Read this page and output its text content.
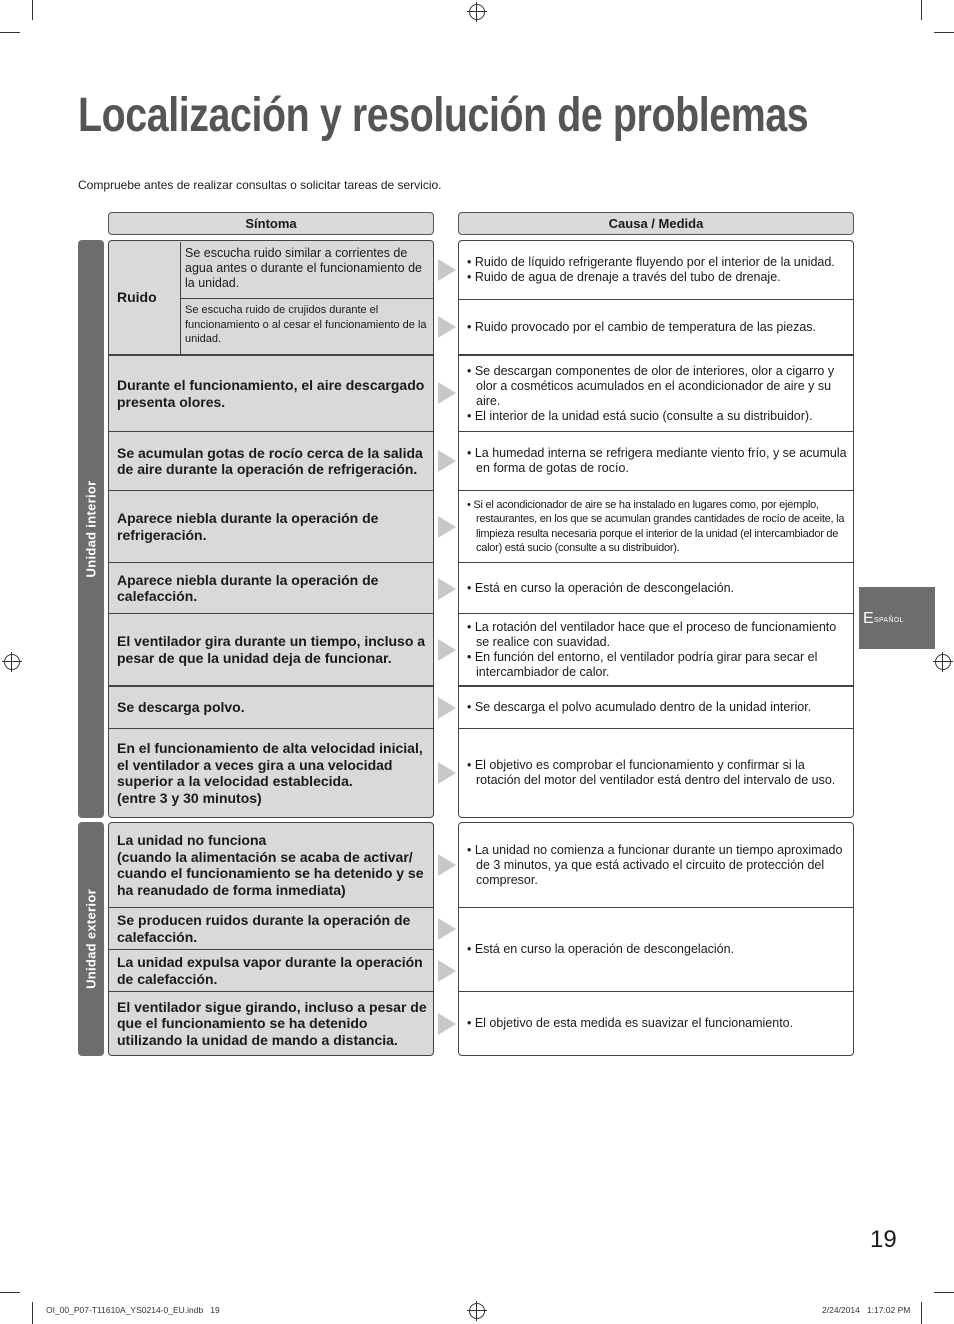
Localización y resolución de problemas
Compruebe antes de realizar consultas o solicitar tareas de servicio.
Síntoma	Causa / Medida
Unidad interior
Unidad exterior
Ruido
Se escucha ruido similar a corrientes de agua antes o durante el funcionamiento de la unidad.
Se escucha ruido de crujidos durante el funcionamiento o al cesar el funcionamiento de la unidad.
Durante el funcionamiento, el aire descargado presenta olores.
Se acumulan gotas de rocío cerca de la salida de aire durante la operación de refrigeración.
Aparece niebla durante la operación de refrigeración.
Aparece niebla durante la operación de calefacción.
El ventilador gira durante un tiempo, incluso a pesar de que la unidad deja de funcionar.
Se descarga polvo.
En el funcionamiento de alta velocidad inicial, el ventilador a veces gira a una velocidad superior a la velocidad establecida.
(entre 3 y 30 minutos)
La unidad no funciona
(cuando la alimentación se acaba de activar/ cuando el funcionamiento se ha detenido y se ha reanudado de forma inmediata)
Se producen ruidos durante la operación de calefacción.
La unidad expulsa vapor durante la operación de calefacción.
El ventilador sigue girando, incluso a pesar de que el funcionamiento se ha detenido utilizando la unidad de mando a distancia.
• Ruido de líquido refrigerante fluyendo por el interior de la unidad.
• Ruido de agua de drenaje a través del tubo de drenaje.
• Ruido provocado por el cambio de temperatura de las piezas.
• Se descargan componentes de olor de interiores, olor a cigarro y olor a cosméticos acumulados en el acondicionador de aire y su aire.
• El interior de la unidad está sucio (consulte a su distribuidor).
• La humedad interna se refrigera mediante viento frío, y se acumula en forma de gotas de rocío.
• Si el acondicionador de aire se ha instalado en lugares como, por ejemplo, restaurantes, en los que se acumulan grandes cantidades de rocío de aceite, la limpieza resulta necesaria porque el interior de la unidad (el intercambiador de calor) está sucio (consulte a su distribuidor).
• Está en curso la operación de descongelación.
• La rotación del ventilador hace que el proceso de funcionamiento se realice con suavidad.
• En función del entorno, el ventilador podría girar para secar el intercambiador de calor.
• Se descarga el polvo acumulado dentro de la unidad interior.
• El objetivo es comprobar el funcionamiento y confirmar si la rotación del motor del ventilador está dentro del intervalo de uso.
• La unidad no comienza a funcionar durante un tiempo aproximado de 3 minutos, ya que está activado el circuito de protección del compresor.
• Está en curso la operación de descongelación.
• El objetivo de esta medida es suavizar el funcionamiento.
E SPAÑOL
19
OI_00_P07-T11610A_YS0214-0_EU.indb   19	2/24/2014   1:17:02 PM
